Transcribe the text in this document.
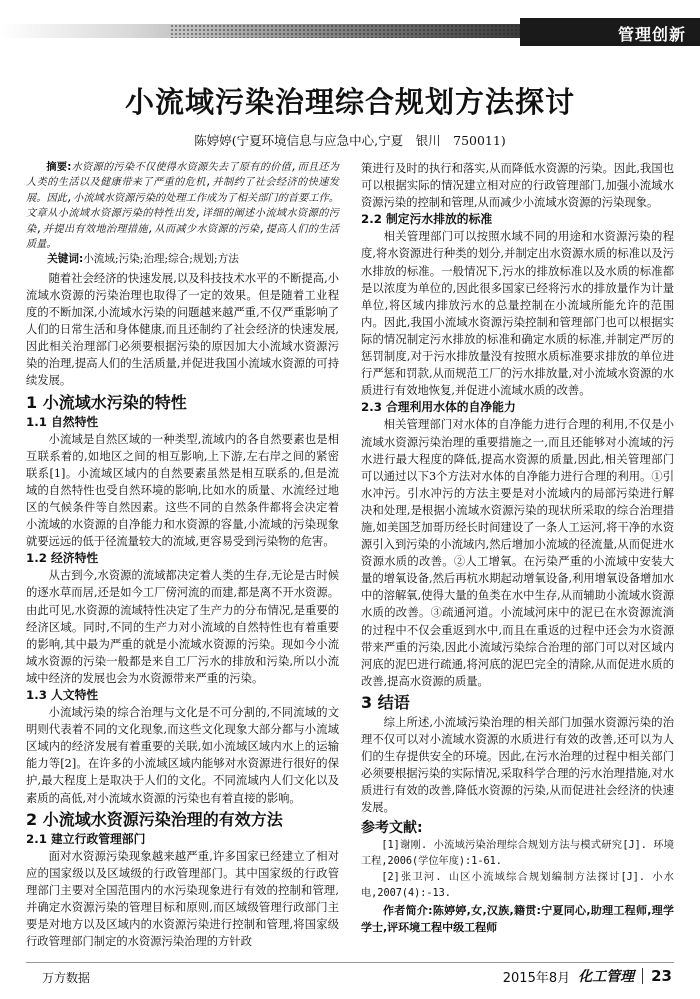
管理创新
小流域污染治理综合规划方法探讨
陈婷婷(宁夏环境信息与应急中心,宁夏　银川　750011)

摘要:水资源的污染不仅使得水资源失去了原有的价值,而且还为人类的生活以及健康带来了严重的危机,并制约了社会经济的快速发展。因此,小流域水资源污染的处理工作成为了相关部门的首要工作。文章从小流域水资源污染的特性出发,详细的阐述小流域水资源的污染,并提出有效地治理措施,从而减少水资源的污染,提高人们的生活质量。

关键词:小流域;污染;治理;综合;规划;方法

随着社会经济的快速发展,以及科技技术水平的不断提高,小流域水资源的污染治理也取得了一定的效果。但是随着工业程度的不断加深,小流域水污染的问题越来越严重,不仅严重影响了人们的日常生活和身体健康,而且还制约了社会经济的快速发展,因此相关治理部门必须要根据污染的原因加大小流域水资源污染的治理,提高人们的生活质量,并促进我国小流域水资源的可持续发展。

1 小流域水污染的特性
1.1 自然特性

小流域是自然区域的一种类型,流域内的各自然要素也是相互联系着的,如地区之间的相互影响,上下游,左右岸之间的紧密联系[1]。小流域区域内的自然要素虽然是相互联系的,但是流域的自然特性也受自然环境的影响,比如水的质量、水流经过地区的气候条件等自然因素。这些不同的自然条件都将会决定着小流域的水资源的自净能力和水资源的容量,小流域的污染现象就要远远的低于径流量较大的流域,更容易受到污染物的危害。

1.2 经济特性

从古到今,水资源的流域都决定着人类的生存,无论是古时候的逐水草而居,还是如今工厂傍河流的而建,都是离不开水资源。由此可见,水资源的流域特性决定了生产力的分布情况,是重要的经济区域。同时,不同的生产力对小流域的自然特性也有着重要的影响,其中最为严重的就是小流域水资源的污染。现如今小流域水资源的污染一般都是来自工厂污水的排放和污染,所以小流域中经济的发展也会为水资源带来严重的污染。

1.3 人文特性

小流域污染的综合治理与文化是不可分割的,不同流域的文明则代表着不同的文化现象,而这些文化现象大部分都与小流域区域内的经济发展有着重要的关联,如小流域区域内水上的运输能力等[2]。在许多的小流域区域内能够对水资源进行很好的保护,最大程度上是取决于人们的文化。不同流域内人们文化以及素质的高低,对小流域水资源的污染也有着直接的影响。

2 小流域水资源污染治理的有效方法
2.1 建立行政管理部门

面对水资源污染现象越来越严重,许多国家已经建立了相对应的国家级以及区域级的行政管理部门。其中国家级的行政管理部门主要对全国范围内的水污染现象进行有效的控制和管理,并确定水资源污染的管理目标和原则,而区域级管理行政部门主要是对地方以及区域内的水资源污染进行控制和管理,将国家级行政管理部门制定的水资源污染治理的方针政

策进行及时的执行和落实,从而降低水资源的污染。因此,我国也可以根据实际的情况建立相对应的行政管理部门,加强小流域水资源污染的控制和管理,从而减少小流域水资源的污染现象。

2.2 制定污水排放的标准

相关管理部门可以按照水域不同的用途和水资源污染的程度,将水资源进行种类的划分,并制定出水资源水质的标准以及污水排放的标准。一般情况下,污水的排放标准以及水质的标准都是以浓度为单位的,因此很多国家已经将污水的排放量作为计量单位,将区域内排放污水的总量控制在小流域所能允许的范围内。因此,我国小流域水资源污染控制和管理部门也可以根据实际的情况制定污水排放的标准和确定水质的标准,并制定严厉的惩罚制度,对于污水排放量没有按照水质标准要求排放的单位进行严惩和罚款,从而规范工厂的污水排放量,对小流域水资源的水质进行有效地恢复,并促进小流域水质的改善。

2.3 合理利用水体的自净能力

相关管理部门对水体的自净能力进行合理的利用,不仅是小流域水资源污染治理的重要措施之一,而且还能够对小流域的污水进行最大程度的降低,提高水资源的质量,因此,相关管理部门可以通过以下3个方法对水体的自净能力进行合理的利用。①引水冲污。引水冲污的方法主要是对小流域内的局部污染进行解决和处理,是根据小流域水资源污染的现状所采取的综合治理措施,如美国芝加哥历经长时间建设了一条人工运河,将干净的水资源引入到污染的小流域内,然后增加小流域的径流量,从而促进水资源水质的改善。②人工增氧。在污染严重的小流域中安装大量的增氧设备,然后再杭水期起动增氧设备,利用增氧设备增加水中的溶解氧,使得大量的鱼类在水中生存,从而辅助小流域水资源水质的改善。③疏通河道。小流域河床中的泥已在水资源流淌的过程中不仅会重返到水中,而且在重返的过程中还会为水资源带来严重的污染,因此小流域污染综合治理的部门可以对区域内河底的泥巴进行疏通,将河底的泥巴完全的清除,从而促进水质的改善,提高水资源的质量。

3 结语

综上所述,小流域污染治理的相关部门加强水资源污染的治理不仅可以对小流域水资源的水质进行有效的改善,还可以为人们的生存提供安全的环境。因此,在污水治理的过程中相关部门必须要根据污染的实际情况,采取科学合理的污水治理措施,对水质进行有效的改善,降低水资源的污染,从而促进社会经济的快速发展。

参考文献:

[1]谢刚. 小流域污染治理综合规划方法与模式研究[J]. 环境工程,2006(学位年度):1-61.

[2]张卫河. 山区小流域综合规划编制方法探讨[J]. 小水电,2007(4):-13.

作者简介:陈婷婷,女,汉族,籍贯:宁夏同心,助理工程师,理学学士,评环境工程中级工程师

万方数据	2015年8月 化工管理 23
